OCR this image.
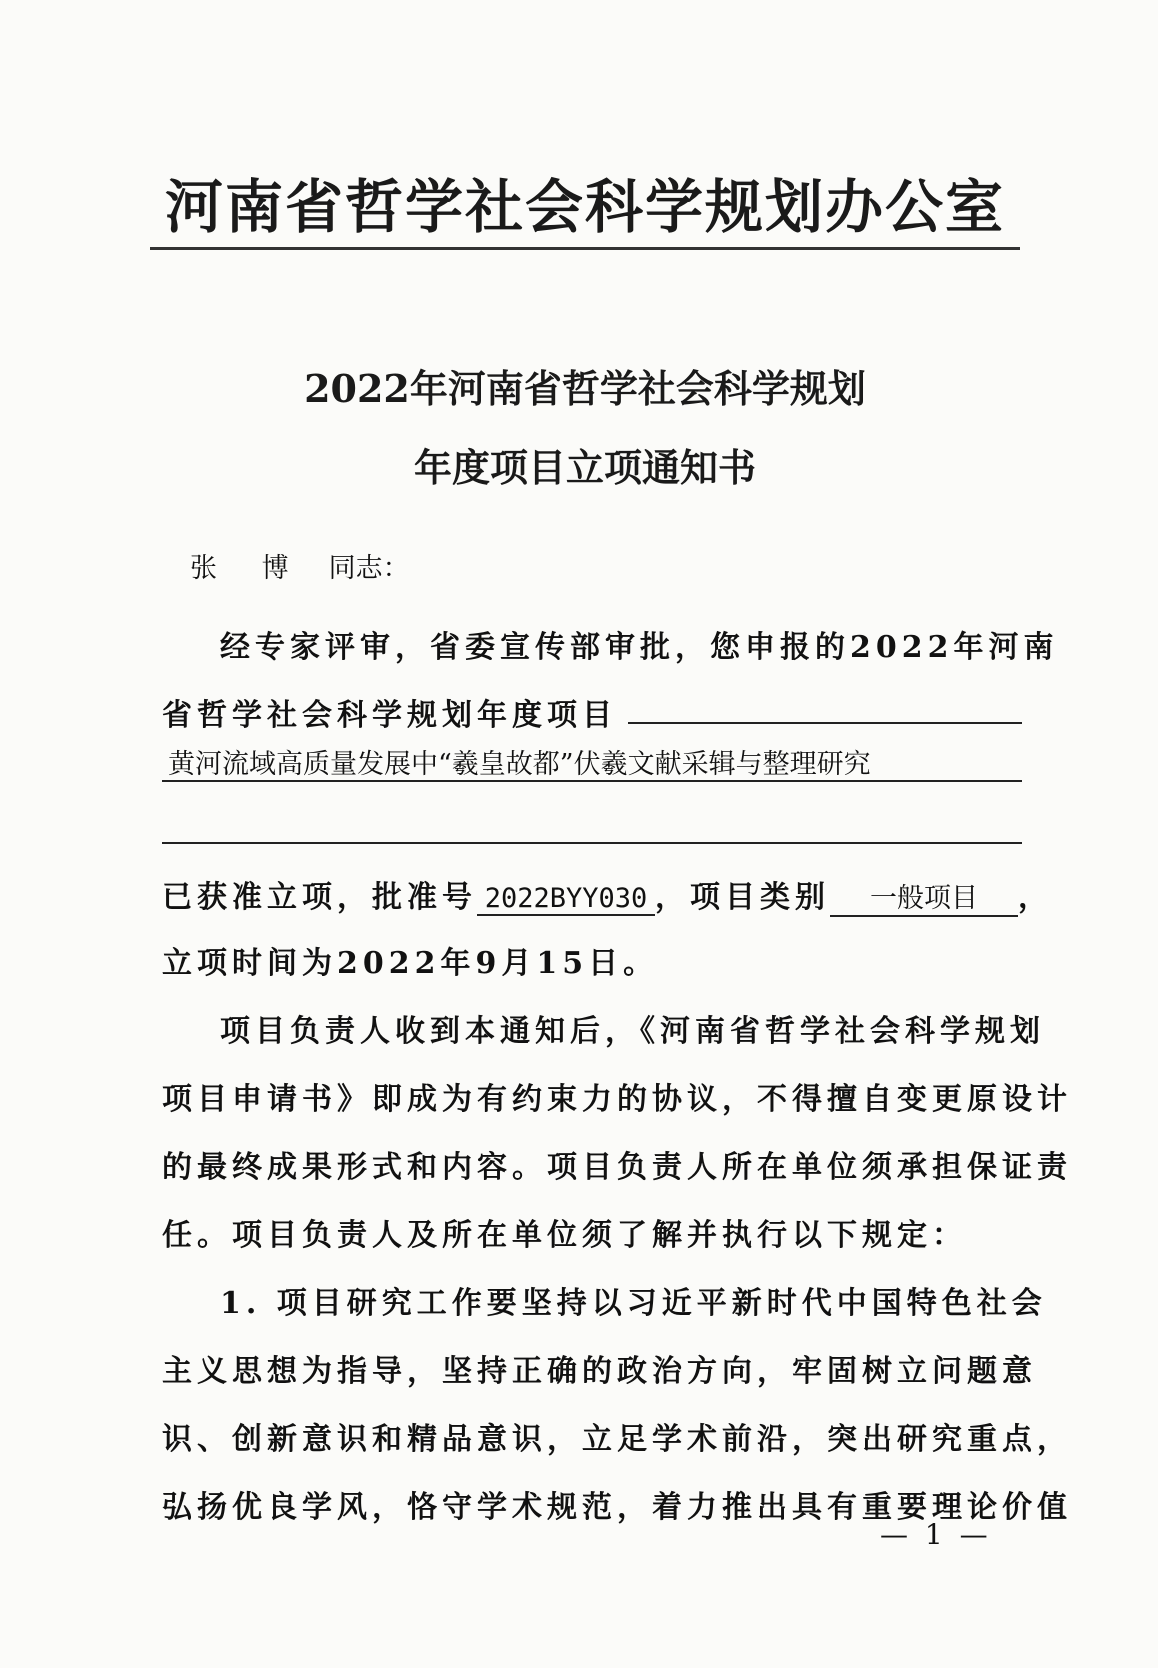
河南省哲学社会科学规划办公室
2022年河南省哲学社会科学规划
年度项目立项通知书
张 博 同志：
经专家评审，省委宣传部审批，您申报的2022年河南
省哲学社会科学规划年度项目
黄河流域高质量发展中“羲皇故都”伏羲文献采辑与整理研究
已获准立项，批准号 2022BYY030 ，项目类别 一般项目 ，
立项时间为2022年9月15日。
项目负责人收到本通知后，《河南省哲学社会科学规划
项目申请书》即成为有约束力的协议，不得擅自变更原设计
的最终成果形式和内容。项目负责人所在单位须承担保证责
任。项目负责人及所在单位须了解并执行以下规定：
1. 项目研究工作要坚持以习近平新时代中国特色社会
主义思想为指导，坚持正确的政治方向，牢固树立问题意
识、创新意识和精品意识，立足学术前沿，突出研究重点，
弘扬优良学风，恪守学术规范，着力推出具有重要理论价值
— 1 —
